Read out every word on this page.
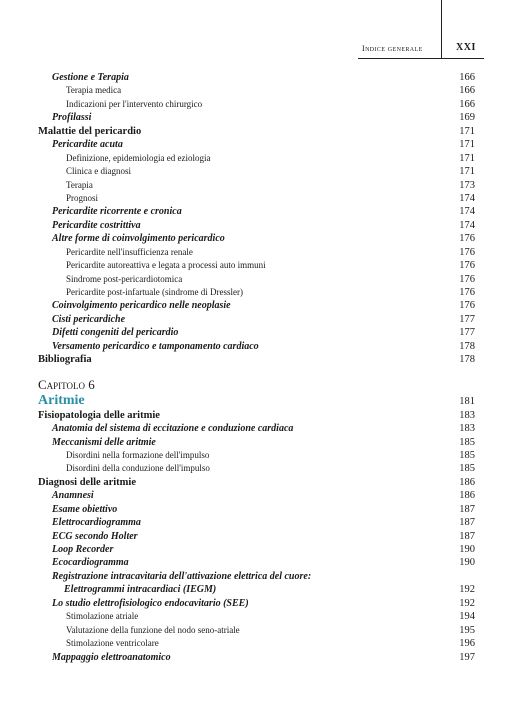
Indice generale	XXI
Gestione e Terapia	166
Terapia medica	166
Indicazioni per l'intervento chirurgico	166
Profilassi	169
Malattie del pericardio	171
Pericardite acuta	171
Definizione, epidemiologia ed eziologia	171
Clinica e diagnosi	171
Terapia	173
Prognosi	174
Pericardite ricorrente e cronica	174
Pericardite costrittiva	174
Altre forme di coinvolgimento pericardico	176
Pericardite nell'insufficienza renale	176
Pericardite autoreattiva e legata a processi auto immuni	176
Sindrome post-pericardiotomica	176
Pericardite post-infartuale (sindrome di Dressler)	176
Coinvolgimento pericardico nelle neoplasie	176
Cisti pericardiche	177
Difetti congeniti del pericardio	177
Versamento pericardico e tamponamento cardiaco	178
Bibliografia	178
Capitolo 6
Aritmie	181
Fisiopatologia delle aritmie	183
Anatomia del sistema di eccitazione e conduzione cardiaca	183
Meccanismi delle aritmie	185
Disordini nella formazione dell'impulso	185
Disordini della conduzione dell'impulso	185
Diagnosi delle aritmie	186
Anamnesi	186
Esame obiettivo	187
Elettrocardiogramma	187
ECG secondo Holter	187
Loop Recorder	190
Ecocardiogramma	190
Registrazione intracavitaria dell'attivazione elettrica del cuore:
Elettrogrammi intracardiaci (IEGM)	192
Lo studio elettrofisiologico endocavitario (SEE)	192
Stimolazione atriale	194
Valutazione della funzione del nodo seno-atriale	195
Stimolazione ventricolare	196
Mappaggio elettroanatomico	197
